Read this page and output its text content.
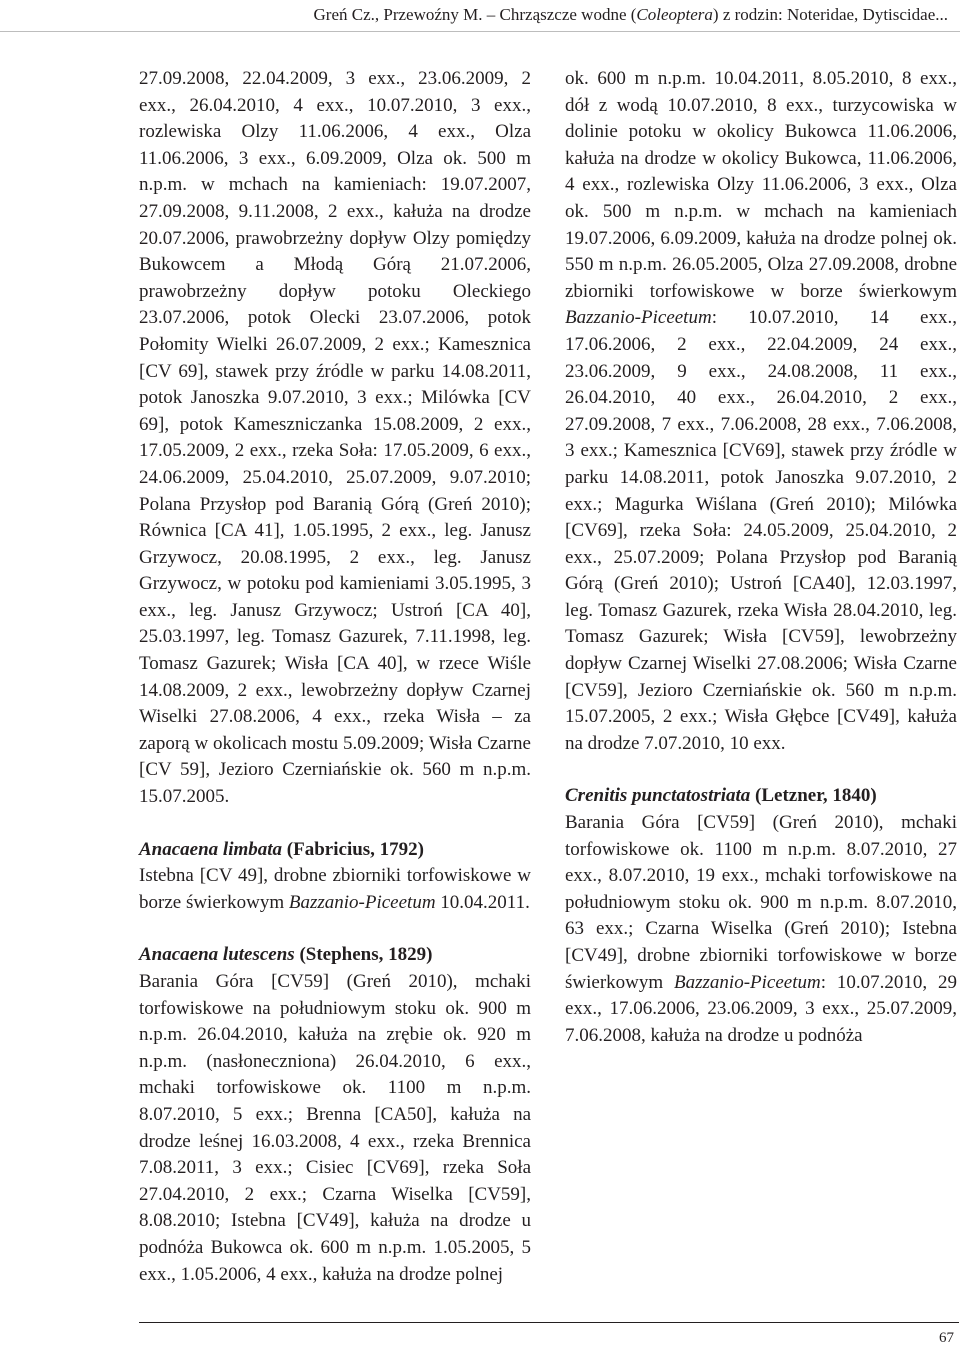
Greń Cz., Przewoźny M. – Chrząszcze wodne (Coleoptera) z rodzin: Noteridae, Dytiscidae...

27.09.2008, 22.04.2009, 3 exx., 23.06.2009, 2 exx., 26.04.2010, 4 exx., 10.07.2010, 3 exx., rozlewiska Olzy 11.06.2006, 4 exx., Olza 11.06.2006, 3 exx., 6.09.2009, Olza ok. 500 m n.p.m. w mchach na kamieniach: 19.07.2007, 27.09.2008, 9.11.2008, 2 exx., kałuża na drodze 20.07.2006, prawobrzeżny dopływ Olzy pomiędzy Bukowcem a Młodą Górą 21.07.2006, prawobrzeżny dopływ potoku Oleckiego 23.07.2006, potok Olecki 23.07.2006, potok Połomity Wielki 26.07.2009, 2 exx.; Kamesznica [CV 69], stawek przy źródle w parku 14.08.2011, potok Janoszka 9.07.2010, 3 exx.; Milówka [CV 69], potok Kameszniczanka 15.08.2009, 2 exx., 17.05.2009, 2 exx., rzeka Soła: 17.05.2009, 6 exx., 24.06.2009, 25.04.2010, 25.07.2009, 9.07.2010; Polana Przysłop pod Baranią Górą (Greń 2010); Równica [CA 41], 1.05.1995, 2 exx., leg. Janusz Grzywocz, 20.08.1995, 2 exx., leg. Janusz Grzywocz, w potoku pod kamieniami 3.05.1995, 3 exx., leg. Janusz Grzywocz; Ustroń [CA 40], 25.03.1997, leg. Tomasz Gazurek, 7.11.1998, leg. Tomasz Gazurek; Wisła [CA 40], w rzece Wiśle 14.08.2009, 2 exx., lewobrzeżny dopływ Czarnej Wiselki 27.08.2006, 4 exx., rzeka Wisła – za zaporą w okolicach mostu 5.09.2009; Wisła Czarne [CV 59], Jezioro Czerniańskie ok. 560 m n.p.m. 15.07.2005.

Anacaena limbata (Fabricius, 1792)
Istebna [CV 49], drobne zbiorniki torfowiskowe w borze świerkowym Bazzanio-Piceetum 10.04.2011.

Anacaena lutescens (Stephens, 1829)
Barania Góra [CV59] (Greń 2010), mchaki torfowiskowe na południowym stoku ok. 900 m n.p.m. 26.04.2010, kałuża na zrębie ok. 920 m n.p.m. (nasłoneczniona) 26.04.2010, 6 exx., mchaki torfowiskowe ok. 1100 m n.p.m. 8.07.2010, 5 exx.; Brenna [CA50], kałuża na drodze leśnej 16.03.2008, 4 exx., rzeka Brennica 7.08.2011, 3 exx.; Cisiec [CV69], rzeka Soła 27.04.2010, 2 exx.; Czarna Wiselka [CV59], 8.08.2010; Istebna [CV49], kałuża na drodze u podnóża Bukowca ok. 600 m n.p.m. 1.05.2005, 5 exx., 1.05.2006, 4 exx., kałuża na drodze polnej

ok. 600 m n.p.m. 10.04.2011, 8.05.2010, 8 exx., dół z wodą 10.07.2010, 8 exx., turzycowiska w dolinie potoku w okolicy Bukowca 11.06.2006, kałuża na drodze w okolicy Bukowca, 11.06.2006, 4 exx., rozlewiska Olzy 11.06.2006, 3 exx., Olza ok. 500 m n.p.m. w mchach na kamieniach 19.07.2006, 6.09.2009, kałuża na drodze polnej ok. 550 m n.p.m. 26.05.2005, Olza 27.09.2008, drobne zbiorniki torfowiskowe w borze świerkowym Bazzanio-Piceetum: 10.07.2010, 14 exx., 17.06.2006, 2 exx., 22.04.2009, 24 exx., 23.06.2009, 9 exx., 24.08.2008, 11 exx., 26.04.2010, 40 exx., 26.04.2010, 2 exx., 27.09.2008, 7 exx., 7.06.2008, 28 exx., 7.06.2008, 3 exx.; Kamesznica [CV69], stawek przy źródle w parku 14.08.2011, potok Janoszka 9.07.2010, 2 exx.; Magurka Wiślana (Greń 2010); Milówka [CV69], rzeka Soła: 24.05.2009, 25.04.2010, 2 exx., 25.07.2009; Polana Przysłop pod Baranią Górą (Greń 2010); Ustroń [CA40], 12.03.1997, leg. Tomasz Gazurek, rzeka Wisła 28.04.2010, leg. Tomasz Gazurek; Wisła [CV59], lewobrzeżny dopływ Czarnej Wiselki 27.08.2006; Wisła Czarne [CV59], Jezioro Czerniańskie ok. 560 m n.p.m. 15.07.2005, 2 exx.; Wisła Głębce [CV49], kałuża na drodze 7.07.2010, 10 exx.

Crenitis punctatostriata (Letzner, 1840)
Barania Góra [CV59] (Greń 2010), mchaki torfowiskowe ok. 1100 m n.p.m. 8.07.2010, 27 exx., 8.07.2010, 19 exx., mchaki torfowiskowe na południowym stoku ok. 900 m n.p.m. 8.07.2010, 63 exx.; Czarna Wiselka (Greń 2010); Istebna [CV49], drobne zbiorniki torfowiskowe w borze świerkowym Bazzanio-Piceetum: 10.07.2010, 29 exx., 17.06.2006, 23.06.2009, 3 exx., 25.07.2009, 7.06.2008, kałuża na drodze u podnóża

67
